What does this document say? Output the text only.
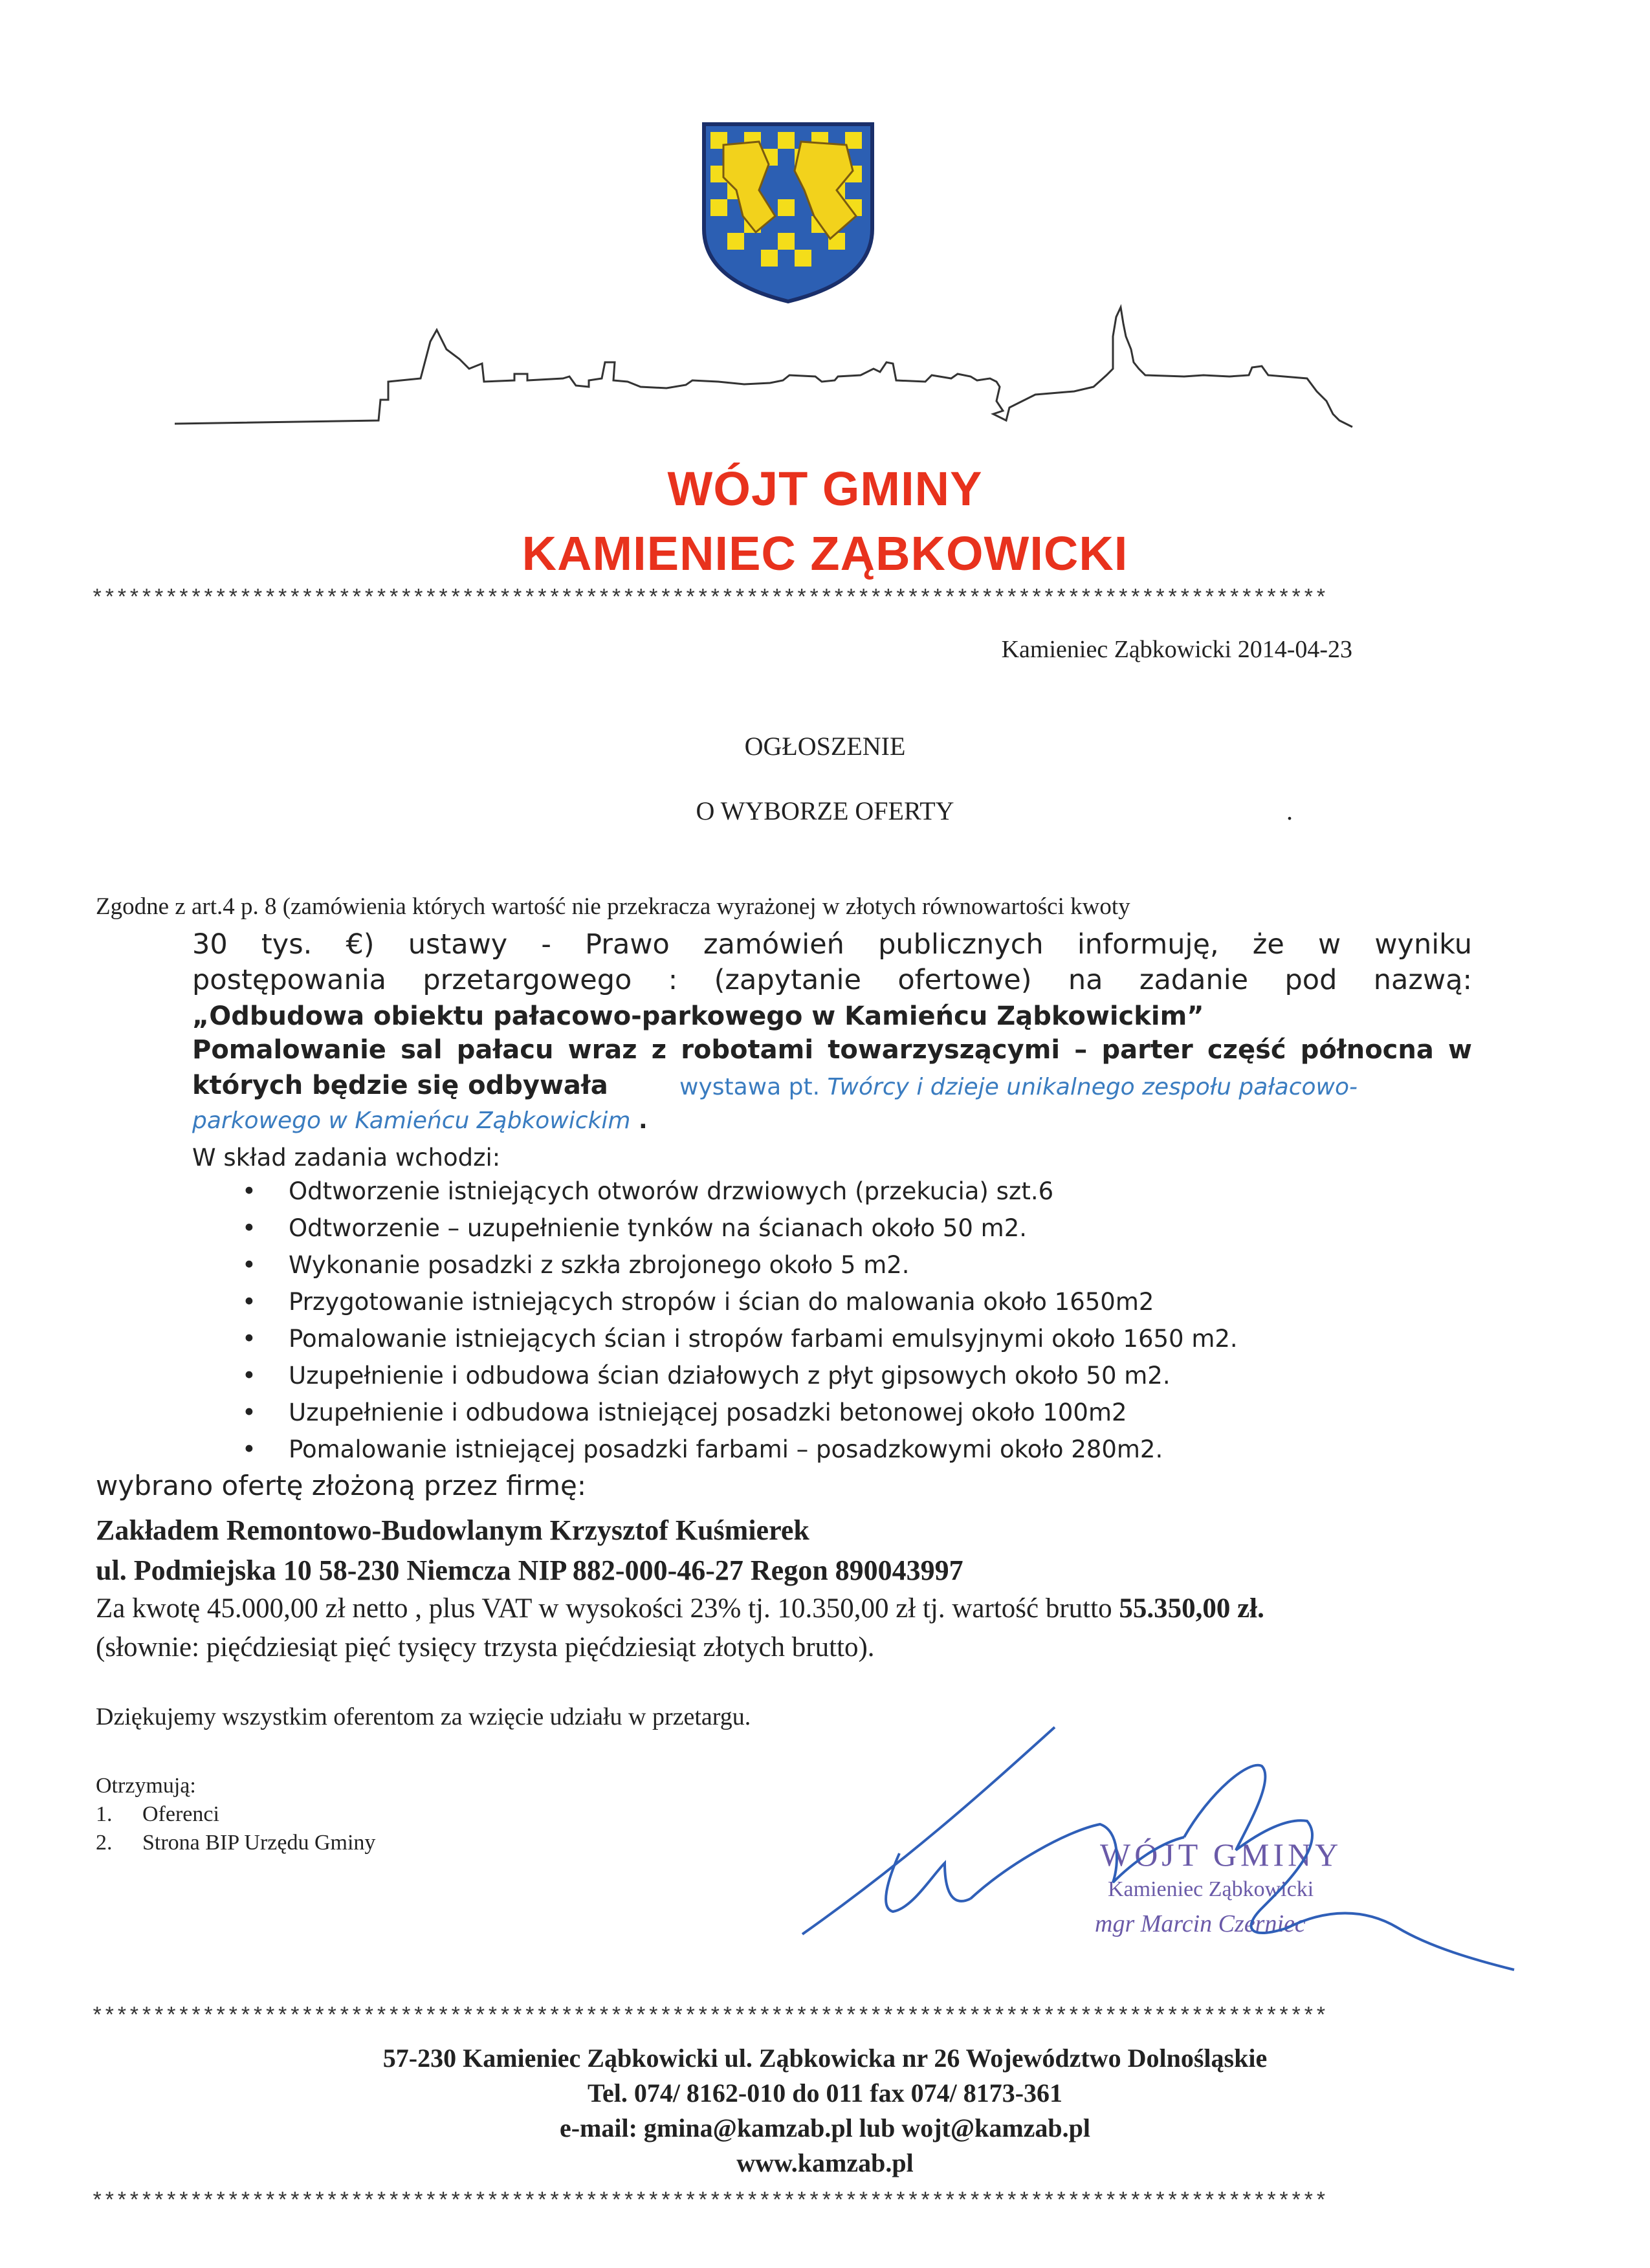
WÓJT GMINY
KAMIENIEC ZĄBKOWICKI
****************************************************************************************************
Kamieniec Ząbkowicki 2014-04-23
OGŁOSZENIE
O WYBORZE OFERTY	.
Zgodne z art.4 p. 8 (zamówienia których wartość nie przekracza wyrażonej w złotych równowartości kwoty
30 tys. €) ustawy - Prawo zamówień publicznych informuję, że w wyniku
postępowania przetargowego : (zapytanie ofertowe) na zadanie pod nazwą:
„Odbudowa obiektu pałacowo-parkowego w Kamieńcu Ząbkowickim”
Pomalowanie sal pałacu wraz z robotami towarzyszącymi – parter część północna w
których będzie się odbywała	wystawa pt. Twórcy i dzieje unikalnego zespołu pałacowo-
parkowego w Kamieńcu Ząbkowickim .
W skład zadania wchodzi:
Odtworzenie istniejących otworów drzwiowych (przekucia) szt.6
Odtworzenie – uzupełnienie tynków na ścianach około 50 m2.
Wykonanie posadzki z szkła zbrojonego około 5 m2.
Przygotowanie istniejących stropów i ścian do malowania około 1650m2
Pomalowanie istniejących ścian i stropów farbami emulsyjnymi około 1650 m2.
Uzupełnienie i odbudowa ścian działowych z płyt gipsowych około 50 m2.
Uzupełnienie i odbudowa istniejącej posadzki betonowej około 100m2
Pomalowanie istniejącej posadzki farbami – posadzkowymi około 280m2.
wybrano ofertę złożoną przez firmę:
Zakładem Remontowo-Budowlanym Krzysztof Kuśmierek
ul. Podmiejska 10 58-230 Niemcza NIP 882-000-46-27 Regon 890043997
Za kwotę 45.000,00 zł netto , plus VAT w wysokości 23% tj. 10.350,00 zł tj. wartość brutto 55.350,00 zł.
(słownie: pięćdziesiąt pięć tysięcy trzysta pięćdziesiąt złotych brutto).
Dziękujemy wszystkim oferentom za wzięcie udziału w przetargu.
Otrzymują:
1. Oferenci
2. Strona BIP Urzędu Gminy	WÓJT GMINY
Kamieniec Ząbkowicki
mgr Marcin Czerniec
****************************************************************************************************
57-230 Kamieniec Ząbkowicki ul. Ząbkowicka nr 26 Województwo Dolnośląskie
Tel. 074/ 8162-010 do 011 fax 074/ 8173-361
e-mail: gmina@kamzab.pl lub wojt@kamzab.pl
www.kamzab.pl
****************************************************************************************************
